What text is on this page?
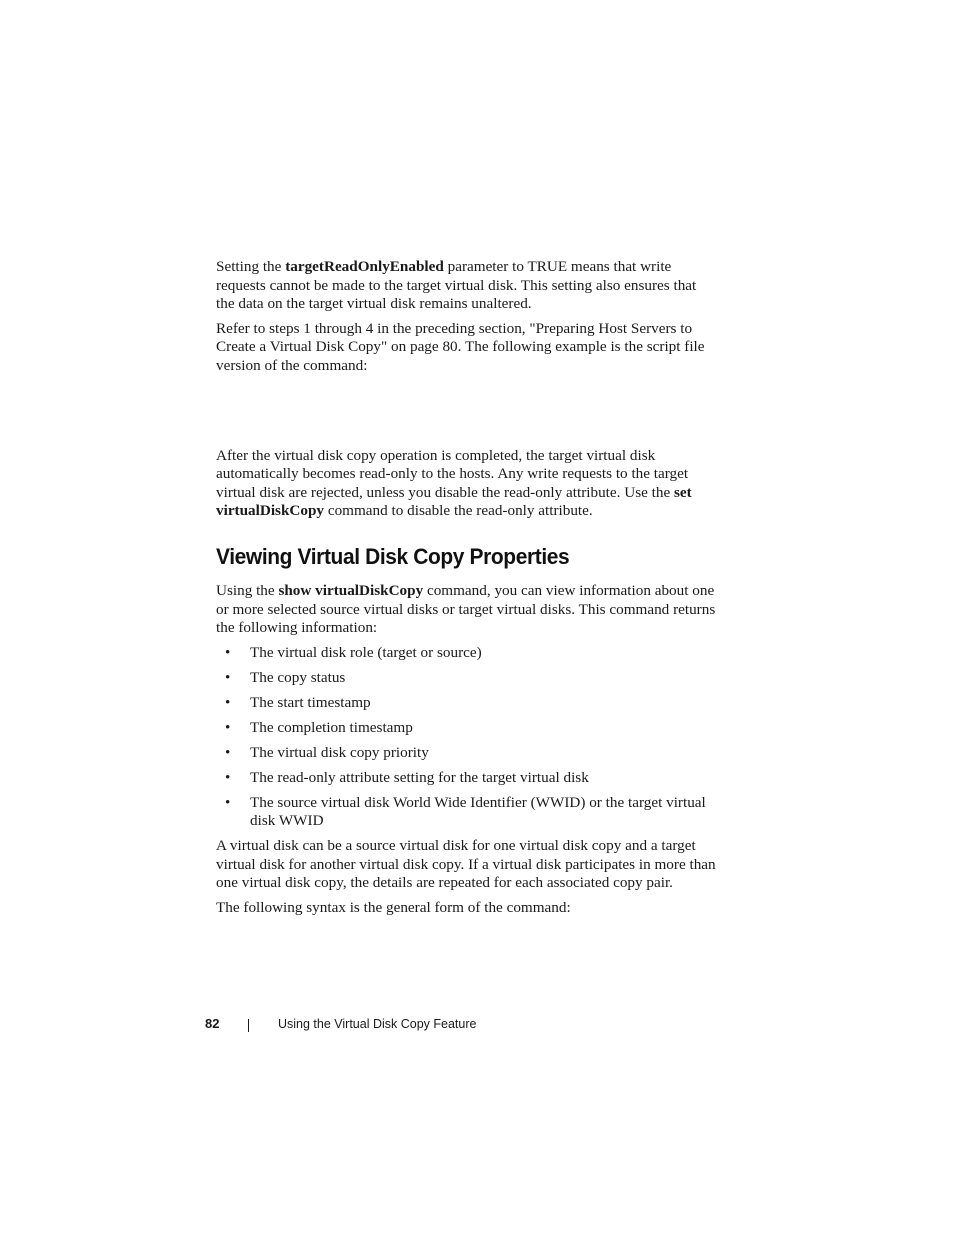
Setting the targetReadOnlyEnabled parameter to TRUE means that write requests cannot be made to the target virtual disk. This setting also ensures that the data on the target virtual disk remains unaltered.

Refer to steps 1 through 4 in the preceding section, "Preparing Host Servers to Create a Virtual Disk Copy" on page 80. The following example is the script file version of the command:

After the virtual disk copy operation is completed, the target virtual disk automatically becomes read-only to the hosts. Any write requests to the target virtual disk are rejected, unless you disable the read-only attribute. Use the set virtualDiskCopy command to disable the read-only attribute.

Viewing Virtual Disk Copy Properties

Using the show virtualDiskCopy command, you can view information about one or more selected source virtual disks or target virtual disks. This command returns the following information:

• The virtual disk role (target or source)
• The copy status
• The start timestamp
• The completion timestamp
• The virtual disk copy priority
• The read-only attribute setting for the target virtual disk
• The source virtual disk World Wide Identifier (WWID) or the target virtual disk WWID

A virtual disk can be a source virtual disk for one virtual disk copy and a target virtual disk for another virtual disk copy. If a virtual disk participates in more than one virtual disk copy, the details are repeated for each associated copy pair.

The following syntax is the general form of the command:

82	Using the Virtual Disk Copy Feature
